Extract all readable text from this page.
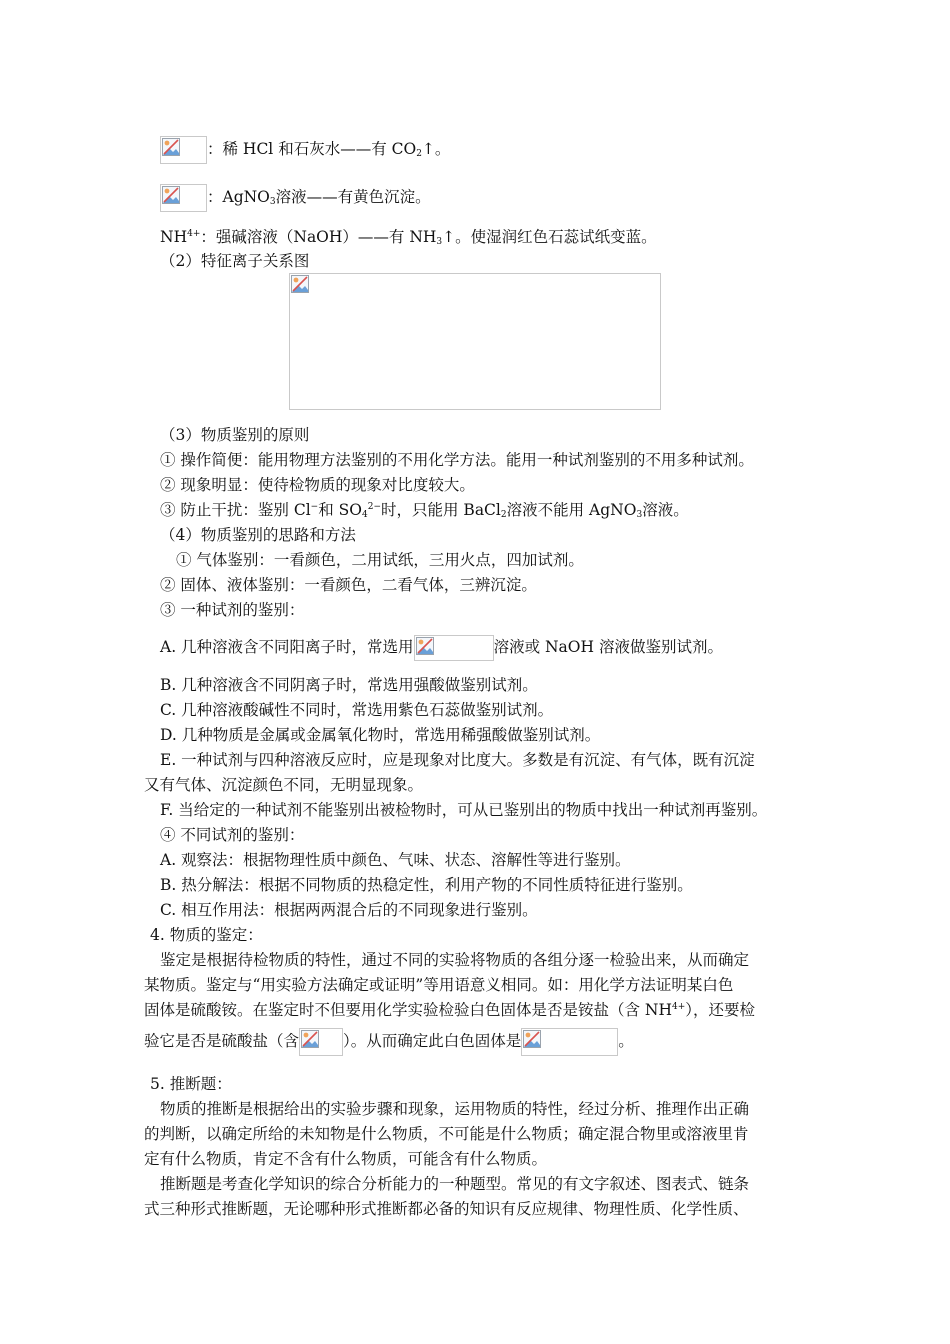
：稀 HCl 和石灰水——有 $CO_2↑$。
：AgNO$_3$溶液——有黄色沉淀。
$NH^{4+}$：强碱溶液（NaOH）——有 $NH_3↑$。使湿润红色石蕊试纸变蓝。
（2）特征离子关系图
（3）物质鉴别的原则
① 操作简便：能用物理方法鉴别的不用化学方法。能用一种试剂鉴别的不用多种试剂。
② 现象明显：使待检物质的现象对比度较大。
③ 防止干扰：鉴别 Cl−和 $SO_4^{2-}$时，只能用 BaCl$_2$溶液不能用 AgNO$_3$溶液。
（4）物质鉴别的思路和方法
① 气体鉴别：一看颜色，二用试纸，三用火点，四加试剂。
② 固体、液体鉴别：一看颜色，二看气体，三辨沉淀。
③ 一种试剂的鉴别：
A. 几种溶液含不同阳离子时，常选用	溶液或 NaOH 溶液做鉴别试剂。
B. 几种溶液含不同阴离子时，常选用强酸做鉴别试剂。
C. 几种溶液酸碱性不同时，常选用紫色石蕊做鉴别试剂。
D. 几种物质是金属或金属氧化物时，常选用稀强酸做鉴别试剂。
E. 一种试剂与四种溶液反应时，应是现象对比度大。多数是有沉淀、有气体，既有沉淀
又有气体、沉淀颜色不同，无明显现象。
F. 当给定的一种试剂不能鉴别出被检物时，可从已鉴别出的物质中找出一种试剂再鉴别。
④ 不同试剂的鉴别：
A. 观察法：根据物理性质中颜色、气味、状态、溶解性等进行鉴别。
B. 热分解法：根据不同物质的热稳定性，利用产物的不同性质特征进行鉴别。
C. 相互作用法：根据两两混合后的不同现象进行鉴别。
4. 物质的鉴定：
鉴定是根据待检物质的特性，通过不同的实验将物质的各组分逐一检验出来，从而确定
某物质。鉴定与“用实验方法确定或证明”等用语意义相同。如：用化学方法证明某白色
固体是硫酸铵。在鉴定时不但要用化学实验检验白色固体是否是铵盐（含 $NH^{4+}$），还要检
验它是否是硫酸盐（含	）。从而确定此白色固体是	。
5. 推断题：
物质的推断是根据给出的实验步骤和现象，运用物质的特性，经过分析、推理作出正确
的判断，以确定所给的未知物是什么物质，不可能是什么物质；确定混合物里或溶液里肯
定有什么物质，肯定不含有什么物质，可能含有什么物质。
推断题是考查化学知识的综合分析能力的一种题型。常见的有文字叙述、图表式、链条
式三种形式推断题，无论哪种形式推断都必备的知识有反应规律、物理性质、化学性质、
